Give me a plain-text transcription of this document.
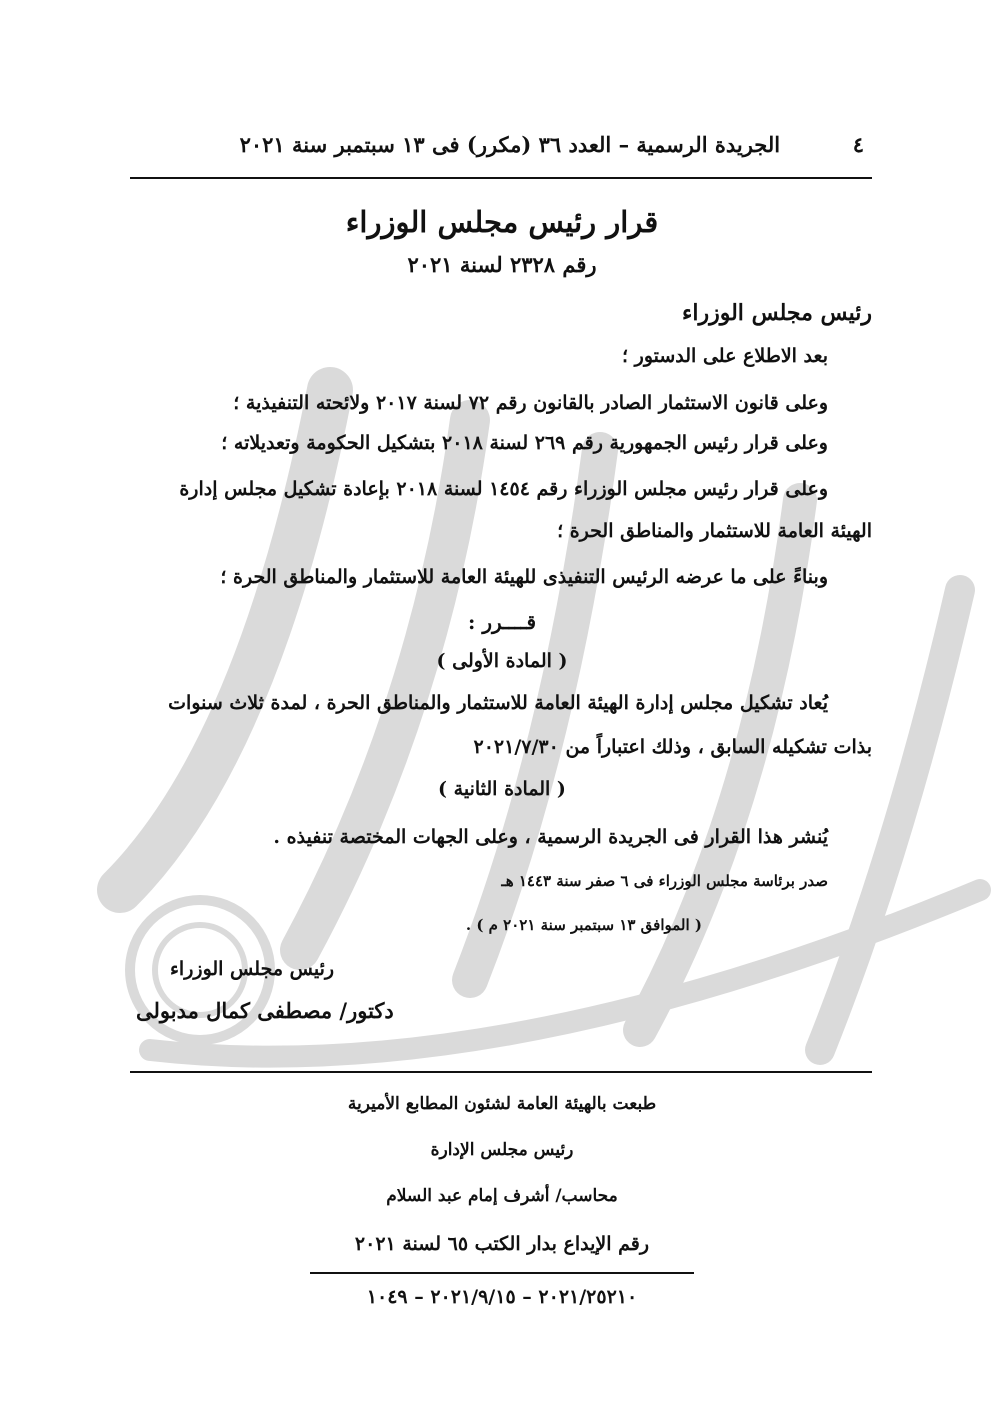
٤  الجريدة الرسمية – العدد ٣٦ (مكرر) فى ١٣ سبتمبر سنة ٢٠٢١
قرار رئيس مجلس الوزراء
رقم ٢٣٢٨ لسنة ٢٠٢١
رئيس مجلس الوزراء
بعد الاطلاع على الدستور ؛
وعلى قانون الاستثمار الصادر بالقانون رقم ٧٢ لسنة ٢٠١٧ ولائحته التنفيذية ؛
وعلى قرار رئيس الجمهورية رقم ٢٦٩ لسنة ٢٠١٨ بتشكيل الحكومة وتعديلاته ؛
وعلى قرار رئيس مجلس الوزراء رقم ١٤٥٤ لسنة ٢٠١٨ بإعادة تشكيل مجلس إدارة
الهيئة العامة للاستثمار والمناطق الحرة ؛
وبناءً على ما عرضه الرئيس التنفيذى للهيئة العامة للاستثمار والمناطق الحرة ؛
قــــرر :
( المادة الأولى )
يُعاد تشكيل مجلس إدارة الهيئة العامة للاستثمار والمناطق الحرة ، لمدة ثلاث سنوات
بذات تشكيله السابق ، وذلك اعتباراً من ٢٠٢١/٧/٣٠
( المادة الثانية )
يُنشر هذا القرار فى الجريدة الرسمية ، وعلى الجهات المختصة تنفيذه .
صدر برئاسة مجلس الوزراء فى ٦ صفر سنة ١٤٤٣ هـ
( الموافق ١٣ سبتمبر سنة ٢٠٢١ م ) .
رئيس مجلس الوزراء
دكتور/ مصطفى كمال مدبولى
طبعت بالهيئة العامة لشئون المطابع الأميرية
رئيس مجلس الإدارة
محاسب/ أشرف إمام عبد السلام
رقم الإيداع بدار الكتب ٦٥ لسنة ٢٠٢١
٢٠٢١/٢٥٢١٠ – ٢٠٢١/٩/١٥ – ١٠٤٩
